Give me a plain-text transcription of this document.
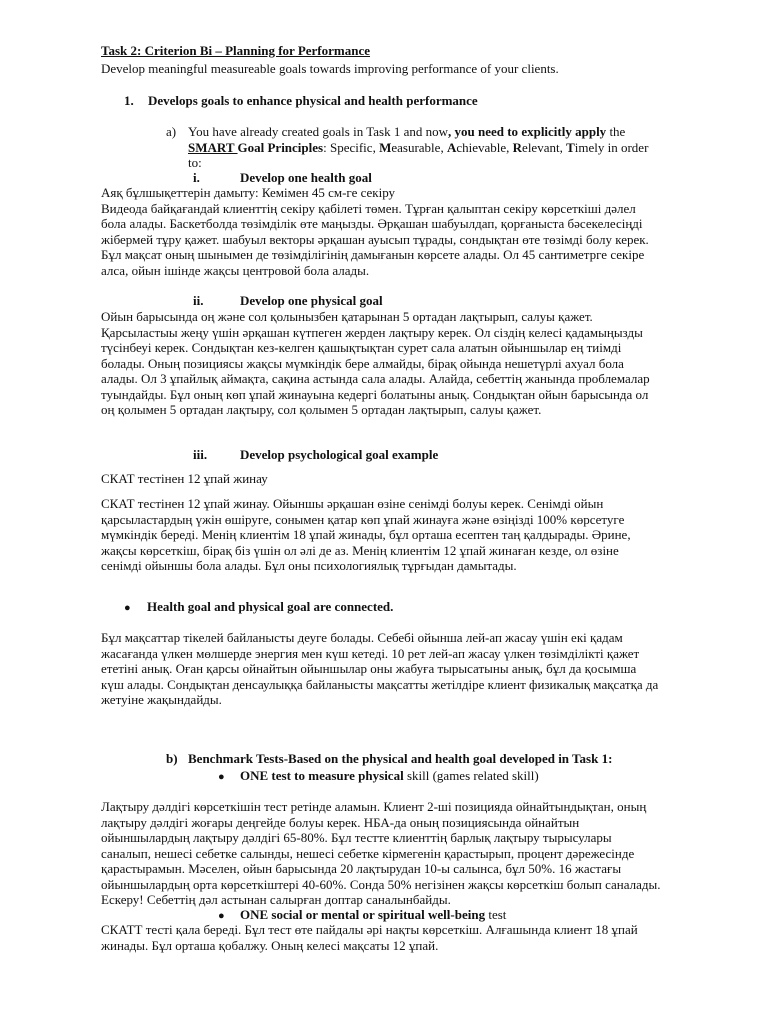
Task 2: Criterion Bi – Planning for Performance

Develop meaningful measureable goals towards improving performance of your clients.

1. Develops goals to enhance physical and health performance

a) You have already created goals in Task 1 and now, you need to explicitly apply the
SMART Goal Principles: Specific, Measurable, Achievable, Relevant, Timely in order
to:

i.	Develop one health goal

Аяқ бұлшықеттерін дамыту: Кемімен 45 см-ге секіру
Видеода байқағандай клиенттің секіру қабілеті төмен. Тұрған қалыптан секіру көрсеткіші дәлел
бола алады. Баскетболда төзімділік өте маңызды. Әрқашан шабуылдап, қорғаныста бәсекелесіңді
жібермей тұру қажет. шабуыл векторы әрқашан ауысып тұрады, сондықтан өте төзімді болу керек.
Бұл мақсат оның шынымен де төзімділігінің дамығанын көрсете алады. Ол 45 сантиметрге секіре
алса, ойын ішінде жақсы центровой бола алады.

ii.	Develop one physical goal

Ойын барысында оң және сол қолынызбен қатарынан 5 ортадан лақтырып, салуы қажет.
Қарсыластыы жеңу үшін әрқашан күтпеген жерден лақтыру керек. Ол сіздің келесі қадамыңызды
түсінбеуі керек. Сондықтан кез-келген қашықтықтан сурет сала алатын ойыншылар ең тиімді
болады. Оның позициясы жақсы мүмкіндік бере алмайды, бірақ ойында нешетүрлі ахуал бола
алады. Ол 3 ұпайлық аймақта, сақина астында сала алады. Алайда, себеттің жанында проблемалар
туындайды. Бұл оның көп ұпай жинауына кедергі болатыны анық. Сондықтан ойын барысында ол
оң қолымен 5 ортадан лақтыру, сол қолымен 5 ортадан лақтырып, салуы қажет.

iii.	Develop psychological goal example

СКАТ тестінен 12 ұпай жинау

СКАТ тестінен 12 ұпай жинау. Ойыншы әрқашан өзіне сенімді болуы керек. Сенімді ойын
қарсыластардың үжін өшіруге, сонымен қатар көп ұпай жинауға және өзіңізді 100% көрсетуге
мүмкіндік береді. Менің клиентім 18 ұпай жинады, бұл орташа есептен таң қалдырады. Әрине,
жақсы көрсеткіш, бірақ біз үшін ол әлі де аз. Менің клиентім 12 ұпай жинаған кезде, ол өзіне
сенімді ойыншы бола алады. Бұл оны психологиялық тұрғыдан дамытады.

● Health goal and physical goal are connected.

Бұл мақсаттар тікелей байланысты деуге болады. Себебі ойынша лей-ап жасау үшін екі қадам
жасағанда үлкен мөлшерде энергия мен күш кетеді. 10 рет лей-ап жасау үлкен төзімділікті қажет
ететіні анық. Оған қарсы ойнайтын ойыншылар оны жабуға тырысатыны анық, бұл да қосымша
күш алады. Сондықтан денсаулыққа байланысты мақсатты жетілдіре клиент физикалық мақсатқа да
жетуіне жақындайды.

b) Benchmark Tests-Based on the physical and health goal developed in Task 1:

● ONE test to measure physical skill (games related skill)

Лақтыру дәлдігі көрсеткішін тест ретінде аламын. Клиент 2-ші позицияда ойнайтындықтан, оның
лақтыру дәлдігі жоғары деңгейде болуы керек. НБА-да оның позициясында ойнайтын
ойыншылардың лақтыру дәлдігі 65-80%. Бұл тестте клиенттің барлық лақтыру тырысулары
саналып, нешесі себетке салынды, нешесі себетке кірмегенін қарастырып, процент дәрежесінде
қарастырамын. Мәселен, ойын барысында 20 лақтырудан 10-ы салынса, бұл 50%. 16 жастағы
ойыншылардың орта көрсеткіштері 40-60%. Сонда 50% негізінен жақсы көрсеткіш болып саналады.
Ескеру! Себеттің дәл астынан салырған доптар саналынбайды.

● ONE social or mental or spiritual well-being test

СКАТТ тесті қала береді. Бұл тест өте пайдалы әрі нақты көрсеткіш. Алғашында клиент 18 ұпай
жинады. Бұл орташа қобалжу. Оның келесі мақсаты 12 ұпай.
